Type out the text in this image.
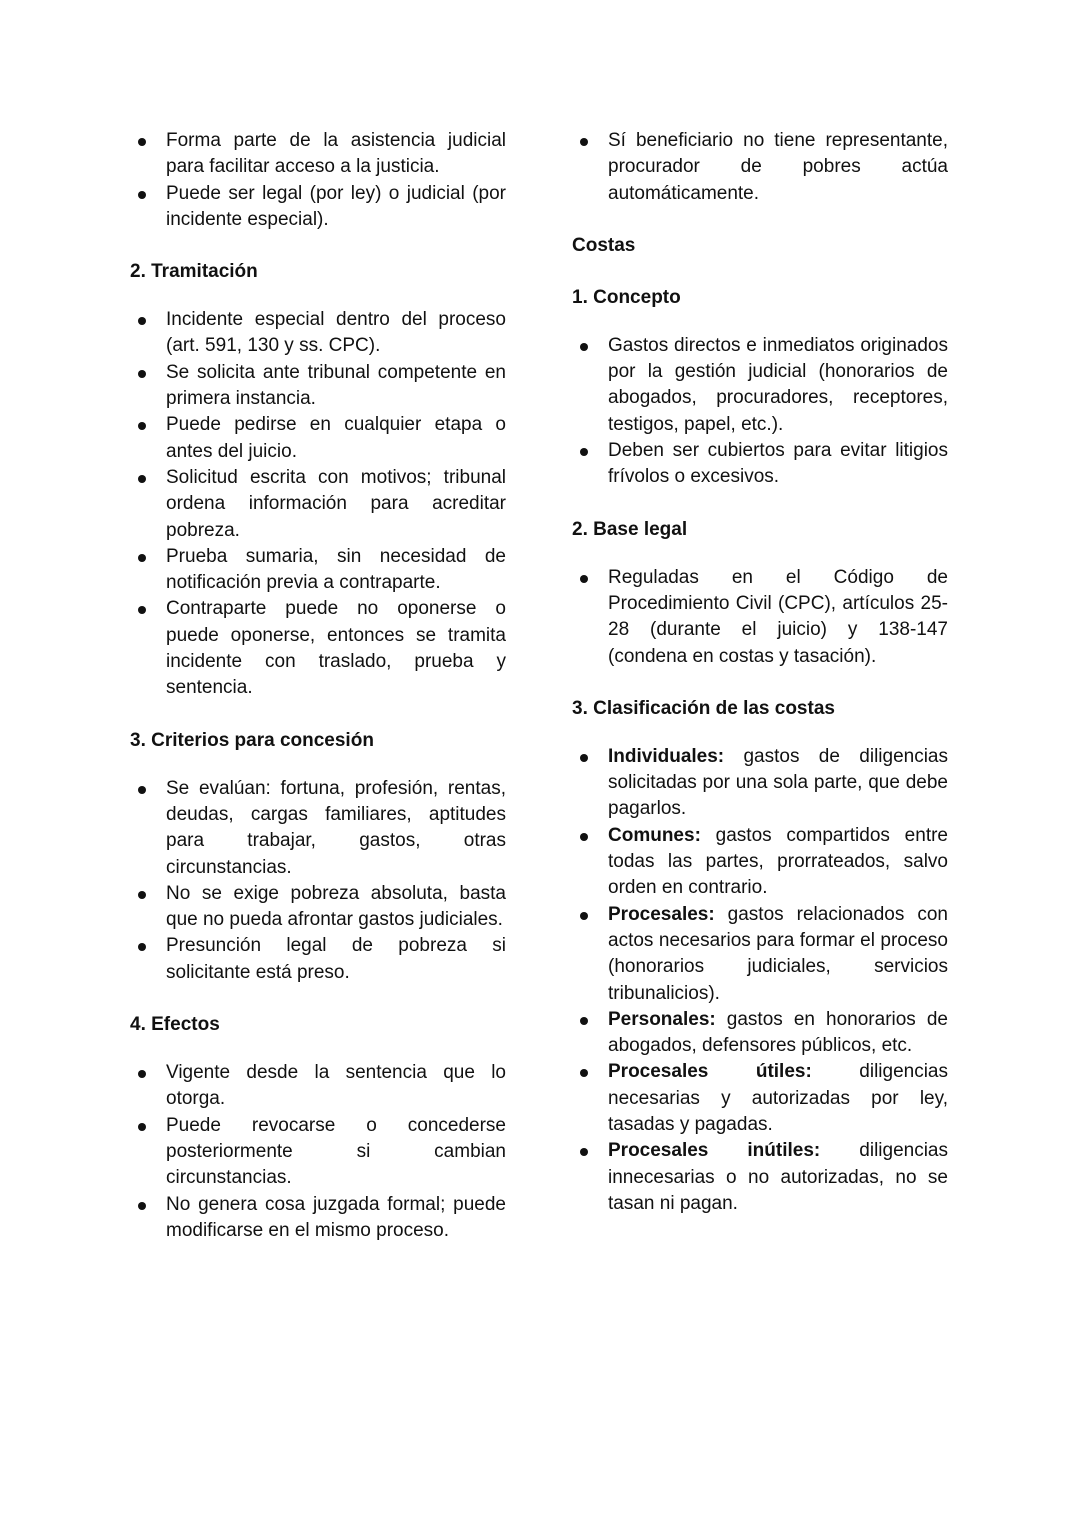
Forma parte de la asistencia judicial para facilitar acceso a la justicia.
Puede ser legal (por ley) o judicial (por incidente especial).
2. Tramitación
Incidente especial dentro del proceso (art. 591, 130 y ss. CPC).
Se solicita ante tribunal competente en primera instancia.
Puede pedirse en cualquier etapa o antes del juicio.
Solicitud escrita con motivos; tribunal ordena información para acreditar pobreza.
Prueba sumaria, sin necesidad de notificación previa a contraparte.
Contraparte puede no oponerse o puede oponerse, entonces se tramita incidente con traslado, prueba y sentencia.
3. Criterios para concesión
Se evalúan: fortuna, profesión, rentas, deudas, cargas familiares, aptitudes para trabajar, gastos, otras circunstancias.
No se exige pobreza absoluta, basta que no pueda afrontar gastos judiciales.
Presunción legal de pobreza si solicitante está preso.
4. Efectos
Vigente desde la sentencia que lo otorga.
Puede revocarse o concederse posteriormente si cambian circunstancias.
No genera cosa juzgada formal; puede modificarse en el mismo proceso.
Sí beneficiario no tiene representante, procurador de pobres actúa automáticamente.
Costas
1. Concepto
Gastos directos e inmediatos originados por la gestión judicial (honorarios de abogados, procuradores, receptores, testigos, papel, etc.).
Deben ser cubiertos para evitar litigios frívolos o excesivos.
2. Base legal
Reguladas en el Código de Procedimiento Civil (CPC), artículos 25-28 (durante el juicio) y 138-147 (condena en costas y tasación).
3. Clasificación de las costas
Individuales: gastos de diligencias solicitadas por una sola parte, que debe pagarlos.
Comunes: gastos compartidos entre todas las partes, prorrateados, salvo orden en contrario.
Procesales: gastos relacionados con actos necesarios para formar el proceso (honorarios judiciales, servicios tribunalicios).
Personales: gastos en honorarios de abogados, defensores públicos, etc.
Procesales útiles: diligencias necesarias y autorizadas por ley, tasadas y pagadas.
Procesales inútiles: diligencias innecesarias o no autorizadas, no se tasan ni pagan.
